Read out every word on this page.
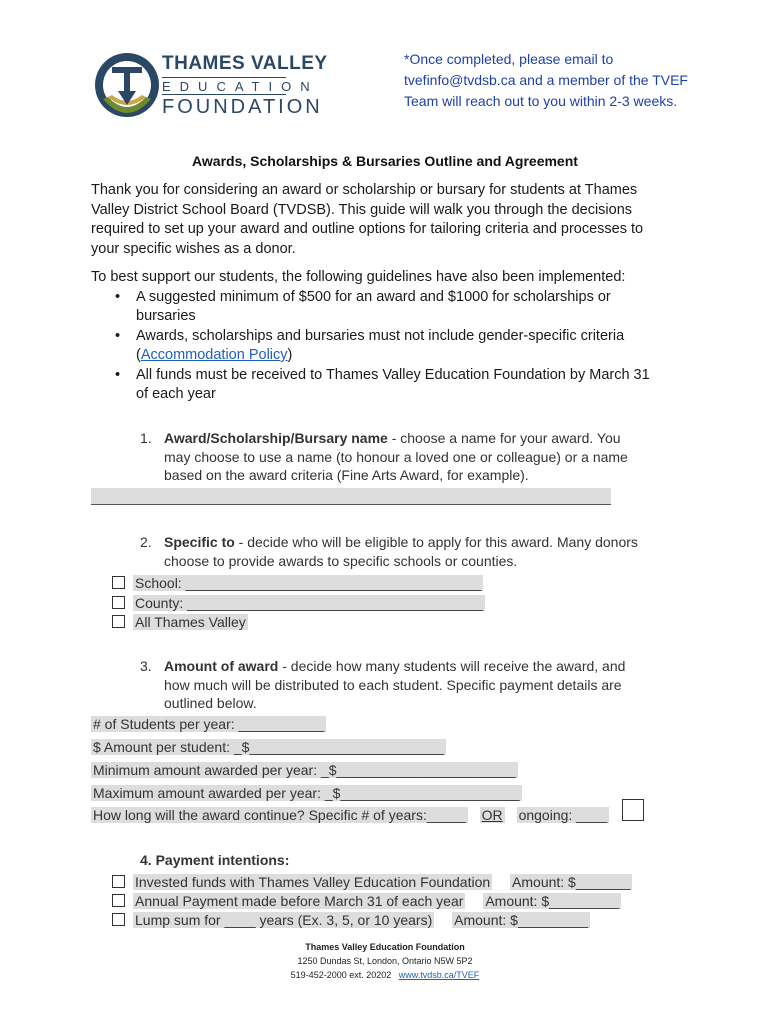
THAMES VALLEY
EDUCATION
FOUNDATION
*Once completed, please email to
tvefinfo@tvdsb.ca and a member of the TVEF
Team will reach out to you within 2-3 weeks.
Awards, Scholarships & Bursaries Outline and Agreement
Thank you for considering an award or scholarship or bursary for students at Thames
Valley District School Board (TVDSB). This guide will walk you through the decisions
required to set up your award and outline options for tailoring criteria and processes to
your specific wishes as a donor.
To best support our students, the following guidelines have also been implemented:
• A suggested minimum of $500 for an award and $1000 for scholarships or
bursaries
• Awards, scholarships and bursaries must not include gender-specific criteria
(Accommodation Policy)
• All funds must be received to Thames Valley Education Foundation by March 31
of each year
1. Award/Scholarship/Bursary name - choose a name for your award. You
may choose to use a name (to honour a loved one or colleague) or a name
based on the award criteria (Fine Arts Award, for example).
2. Specific to - decide who will be eligible to apply for this award. Many donors
choose to provide awards to specific schools or counties.
School: ______________________________________
County: ______________________________________
All Thames Valley
3. Amount of award - decide how many students will receive the award, and
how much will be distributed to each student. Specific payment details are
outlined below.
# of Students per year: ___________
$ Amount per student: _$_________________________
Minimum amount awarded per year: _$_______________________
Maximum amount awarded per year: _$_______________________
How long will the award continue? Specific # of years:_____ OR ongoing: ____
4. Payment intentions:
Invested funds with Thames Valley Education Foundation Amount: $_______
Annual Payment made before March 31 of each year Amount: $_________
Lump sum for ____ years (Ex. 3, 5, or 10 years) Amount: $_________
Thames Valley Education Foundation
1250 Dundas St, London, Ontario N5W 5P2
519-452-2000 ext. 20202 www.tvdsb.ca/TVEF
